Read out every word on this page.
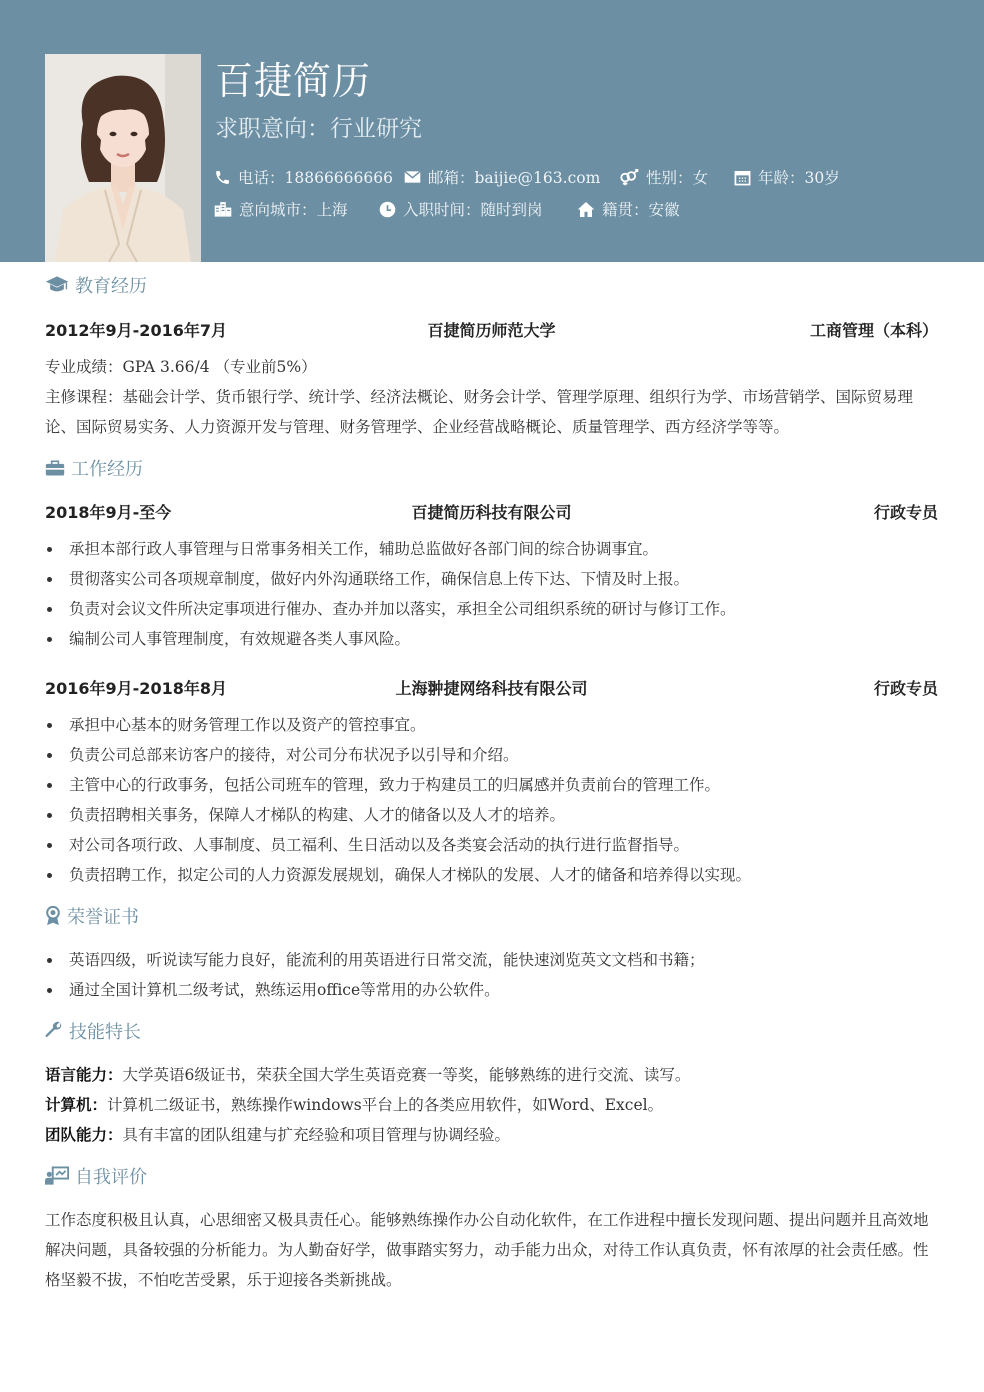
百捷简历
求职意向：行业研究
电话：18866666666 邮箱：baijie@163.com	性别：女	年龄：30岁
意向城市：上海	入职时间：随时到岗	籍贯：安徽
教育经历
2012年9月-2016年7月	百捷简历师范大学	工商管理（本科）
专业成绩：GPA 3.66/4 （专业前5%）
主修课程：基础会计学、货币银行学、统计学、经济法概论、财务会计学、管理学原理、组织行为学、市场营销学、国际贸易理论、国际贸易实务、人力资源开发与管理、财务管理学、企业经营战略概论、质量管理学、西方经济学等等。
工作经历
2018年9月-至今	百捷简历科技有限公司	行政专员
承担本部行政人事管理与日常事务相关工作，辅助总监做好各部门间的综合协调事宜。
贯彻落实公司各项规章制度，做好内外沟通联络工作，确保信息上传下达、下情及时上报。
负责对会议文件所决定事项进行催办、查办并加以落实，承担全公司组织系统的研讨与修订工作。
编制公司人事管理制度，有效规避各类人事风险。
2016年9月-2018年8月	上海翀捷网络科技有限公司	行政专员
承担中心基本的财务管理工作以及资产的管控事宜。
负责公司总部来访客户的接待，对公司分布状况予以引导和介绍。
主管中心的行政事务，包括公司班车的管理，致力于构建员工的归属感并负责前台的管理工作。
负责招聘相关事务，保障人才梯队的构建、人才的储备以及人才的培养。
对公司各项行政、人事制度、员工福利、生日活动以及各类宴会活动的执行进行监督指导。
负责招聘工作，拟定公司的人力资源发展规划，确保人才梯队的发展、人才的储备和培养得以实现。
荣誉证书
英语四级，听说读写能力良好，能流利的用英语进行日常交流，能快速浏览英文文档和书籍；
通过全国计算机二级考试，熟练运用office等常用的办公软件。
技能特长
语言能力：大学英语6级证书，荣获全国大学生英语竞赛一等奖，能够熟练的进行交流、读写。
计算机：计算机二级证书，熟练操作windows平台上的各类应用软件，如Word、Excel。
团队能力：具有丰富的团队组建与扩充经验和项目管理与协调经验。
自我评价
工作态度积极且认真，心思细密又极具责任心。能够熟练操作办公自动化软件，在工作进程中擅长发现问题、提出问题并且高效地解决问题，具备较强的分析能力。为人勤奋好学，做事踏实努力，动手能力出众，对待工作认真负责，怀有浓厚的社会责任感。性格坚毅不拔，不怕吃苦受累，乐于迎接各类新挑战。
